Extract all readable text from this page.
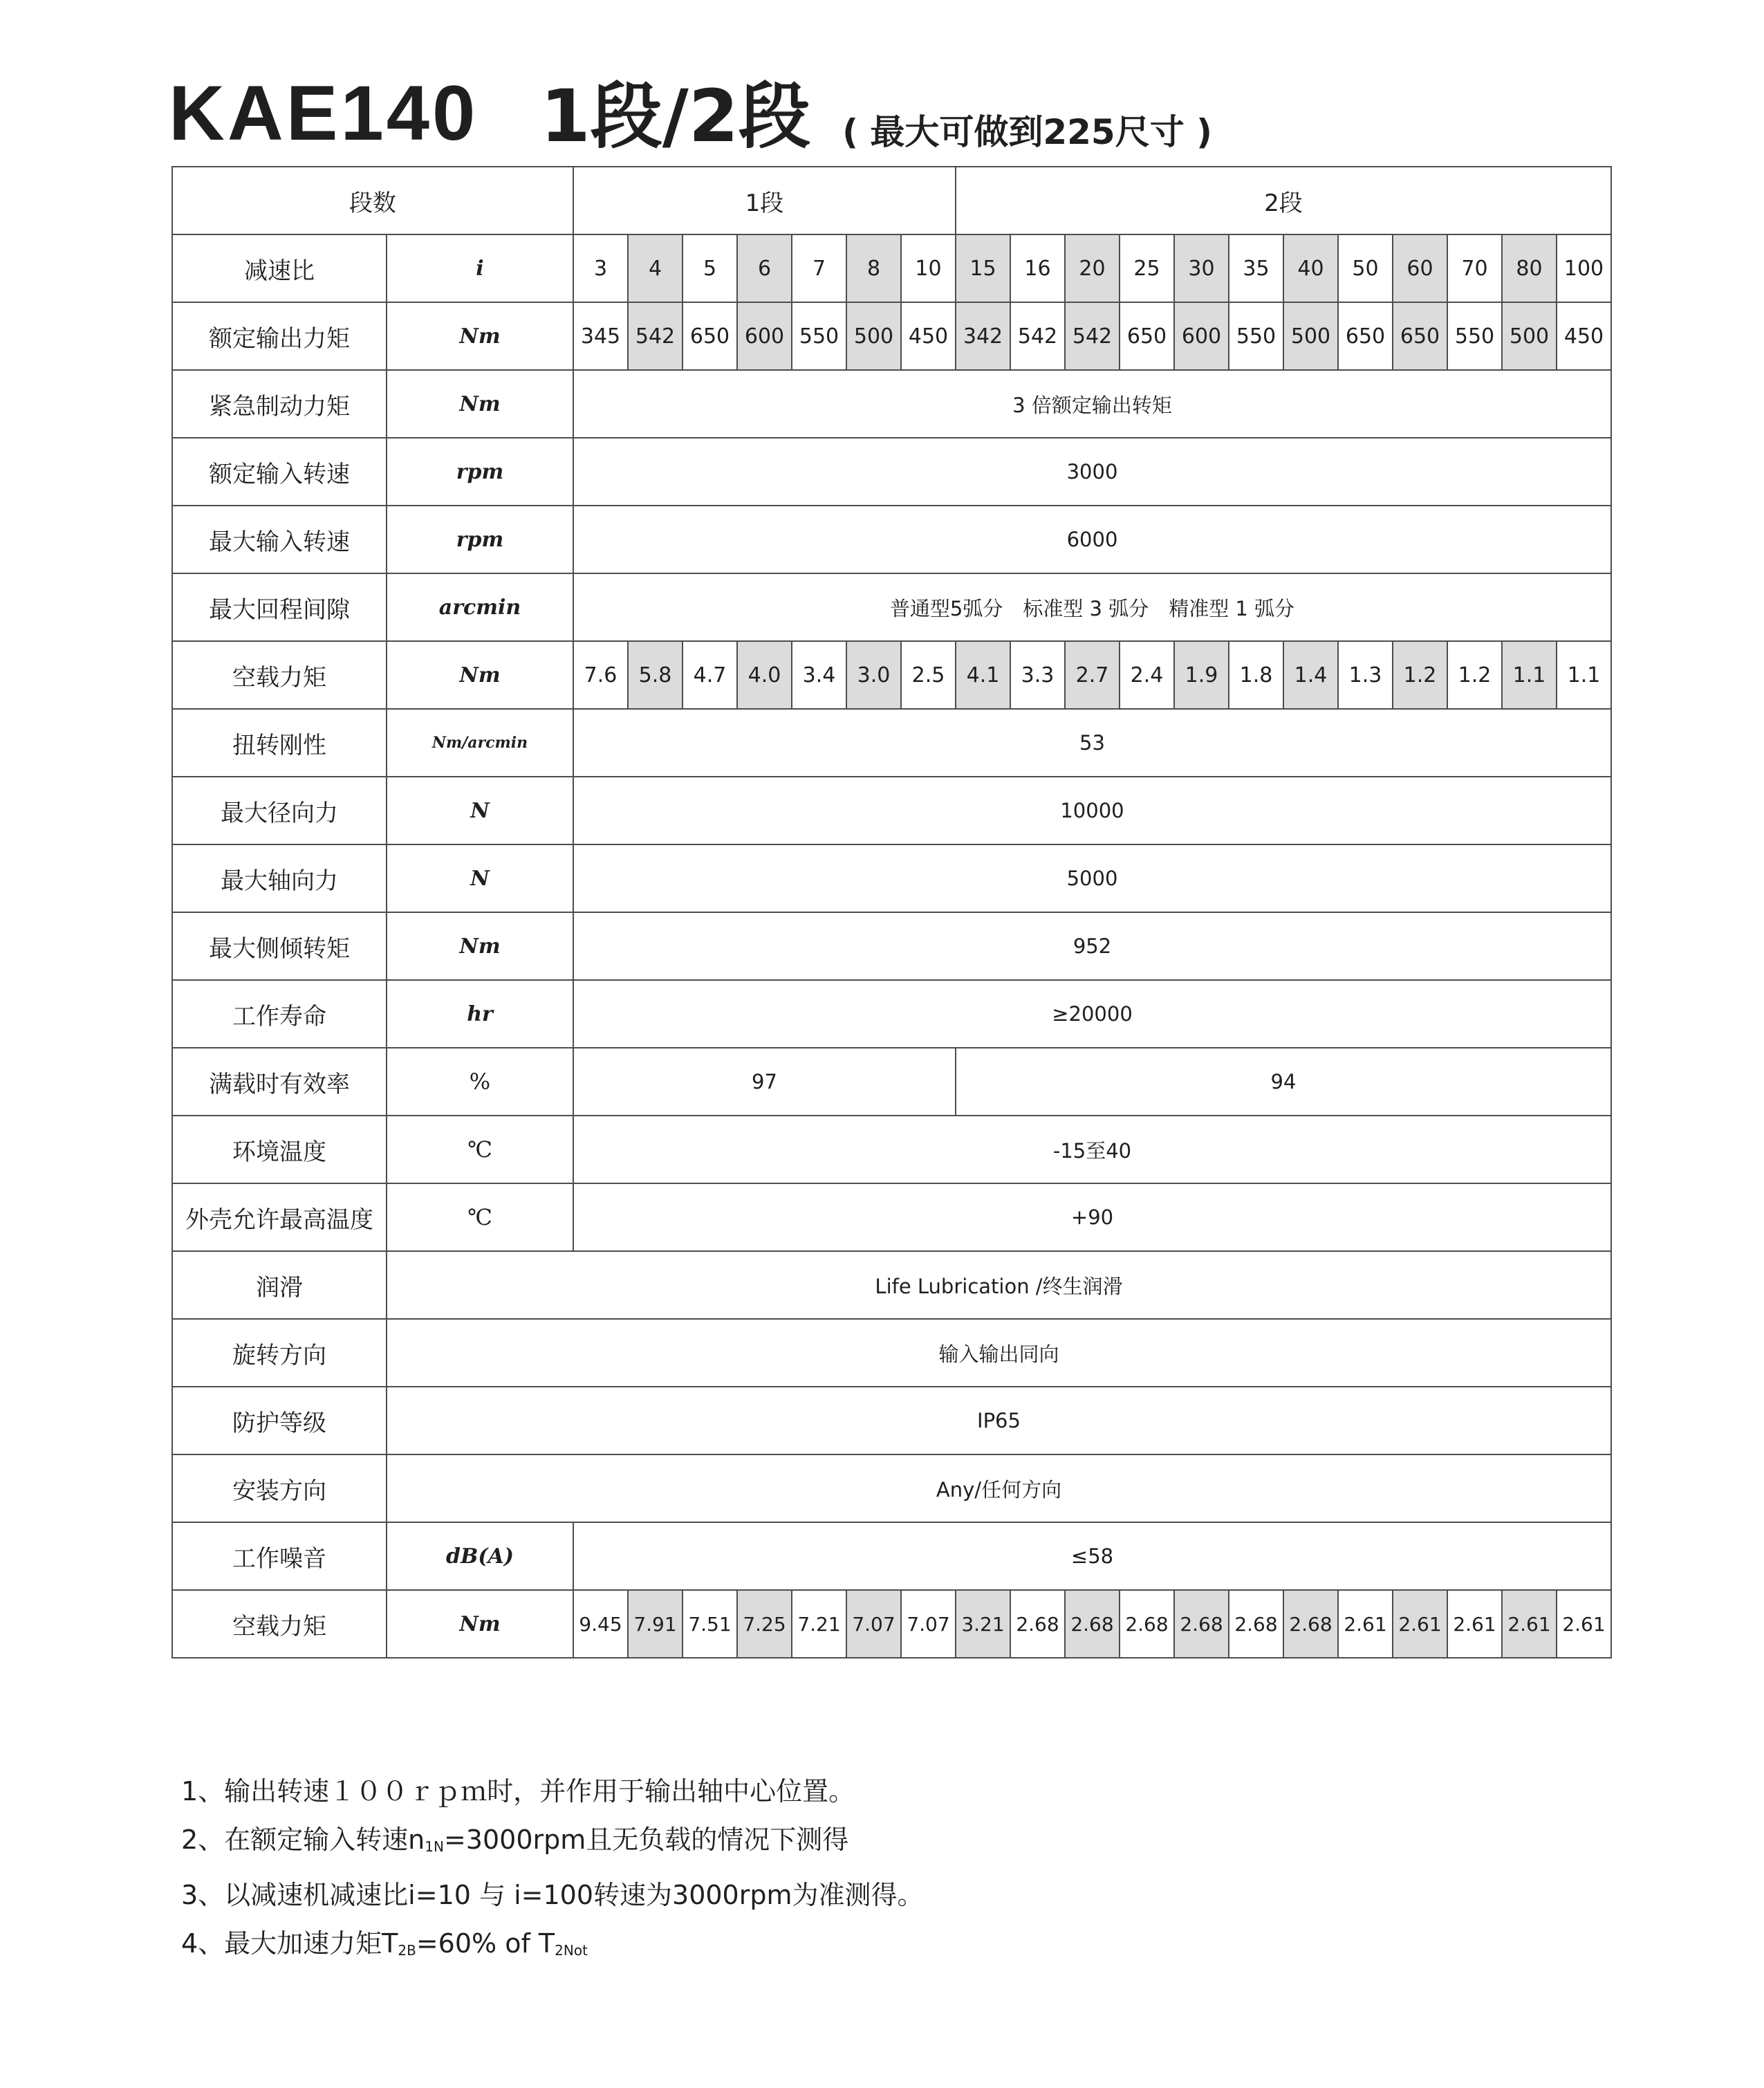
KAE140 1段/2段 ( 最大可做到225尺寸 )
段数		1段							2段											
减速比	i	3	4	5	6	7	8	10	15	16	20	25	30	35	40	50	60	70	80	100
额定输出力矩	Nm	345	542	650	600	550	500	450	342	542	542	650	600	550	500	650	650	550	500	450
紧急制动力矩	Nm	3 倍额定输出转矩																		
额定输入转速	rpm	3000																		
最大输入转速	rpm	6000																		
最大回程间隙	arcmin	普通型5弧分　标准型 3 弧分　精准型 1 弧分																		
空载力矩	Nm	7.6	5.8	4.7	4.0	3.4	3.0	2.5	4.1	3.3	2.7	2.4	1.9	1.8	1.4	1.3	1.2	1.2	1.1	1.1
扭转刚性	Nm/arcmin	53																		
最大径向力	N	10000																		
最大轴向力	N	5000																		
最大侧倾转矩	Nm	952																		
工作寿命	hr	≥20000																		
满载时有效率	%	97							94											
环境温度	℃	-15至40																		
外壳允许最高温度	℃	+90																		
润滑	Life Lubrication /终生润滑																			
旋转方向	输入输出同向																			
防护等级	IP65																			
安装方向	Any/任何方向																			
工作噪音	dB(A)	≤58																		
空载力矩	Nm	9.45	7.91	7.51	7.25	7.21	7.07	7.07	3.21	2.68	2.68	2.68	2.68	2.68	2.68	2.61	2.61	2.61	2.61	2.61
1、输出转速１００ｒｐｍ时，并作用于输出轴中心位置。
2、在额定输入转速$n_{1N}=3000rpm$且无负载的情况下测得
3、以减速机减速比i=10 与 i=100转速为3000rpm为准测得。
4、最大加速力矩$T_{2B}=60\%$ of $T_{2Not}$
